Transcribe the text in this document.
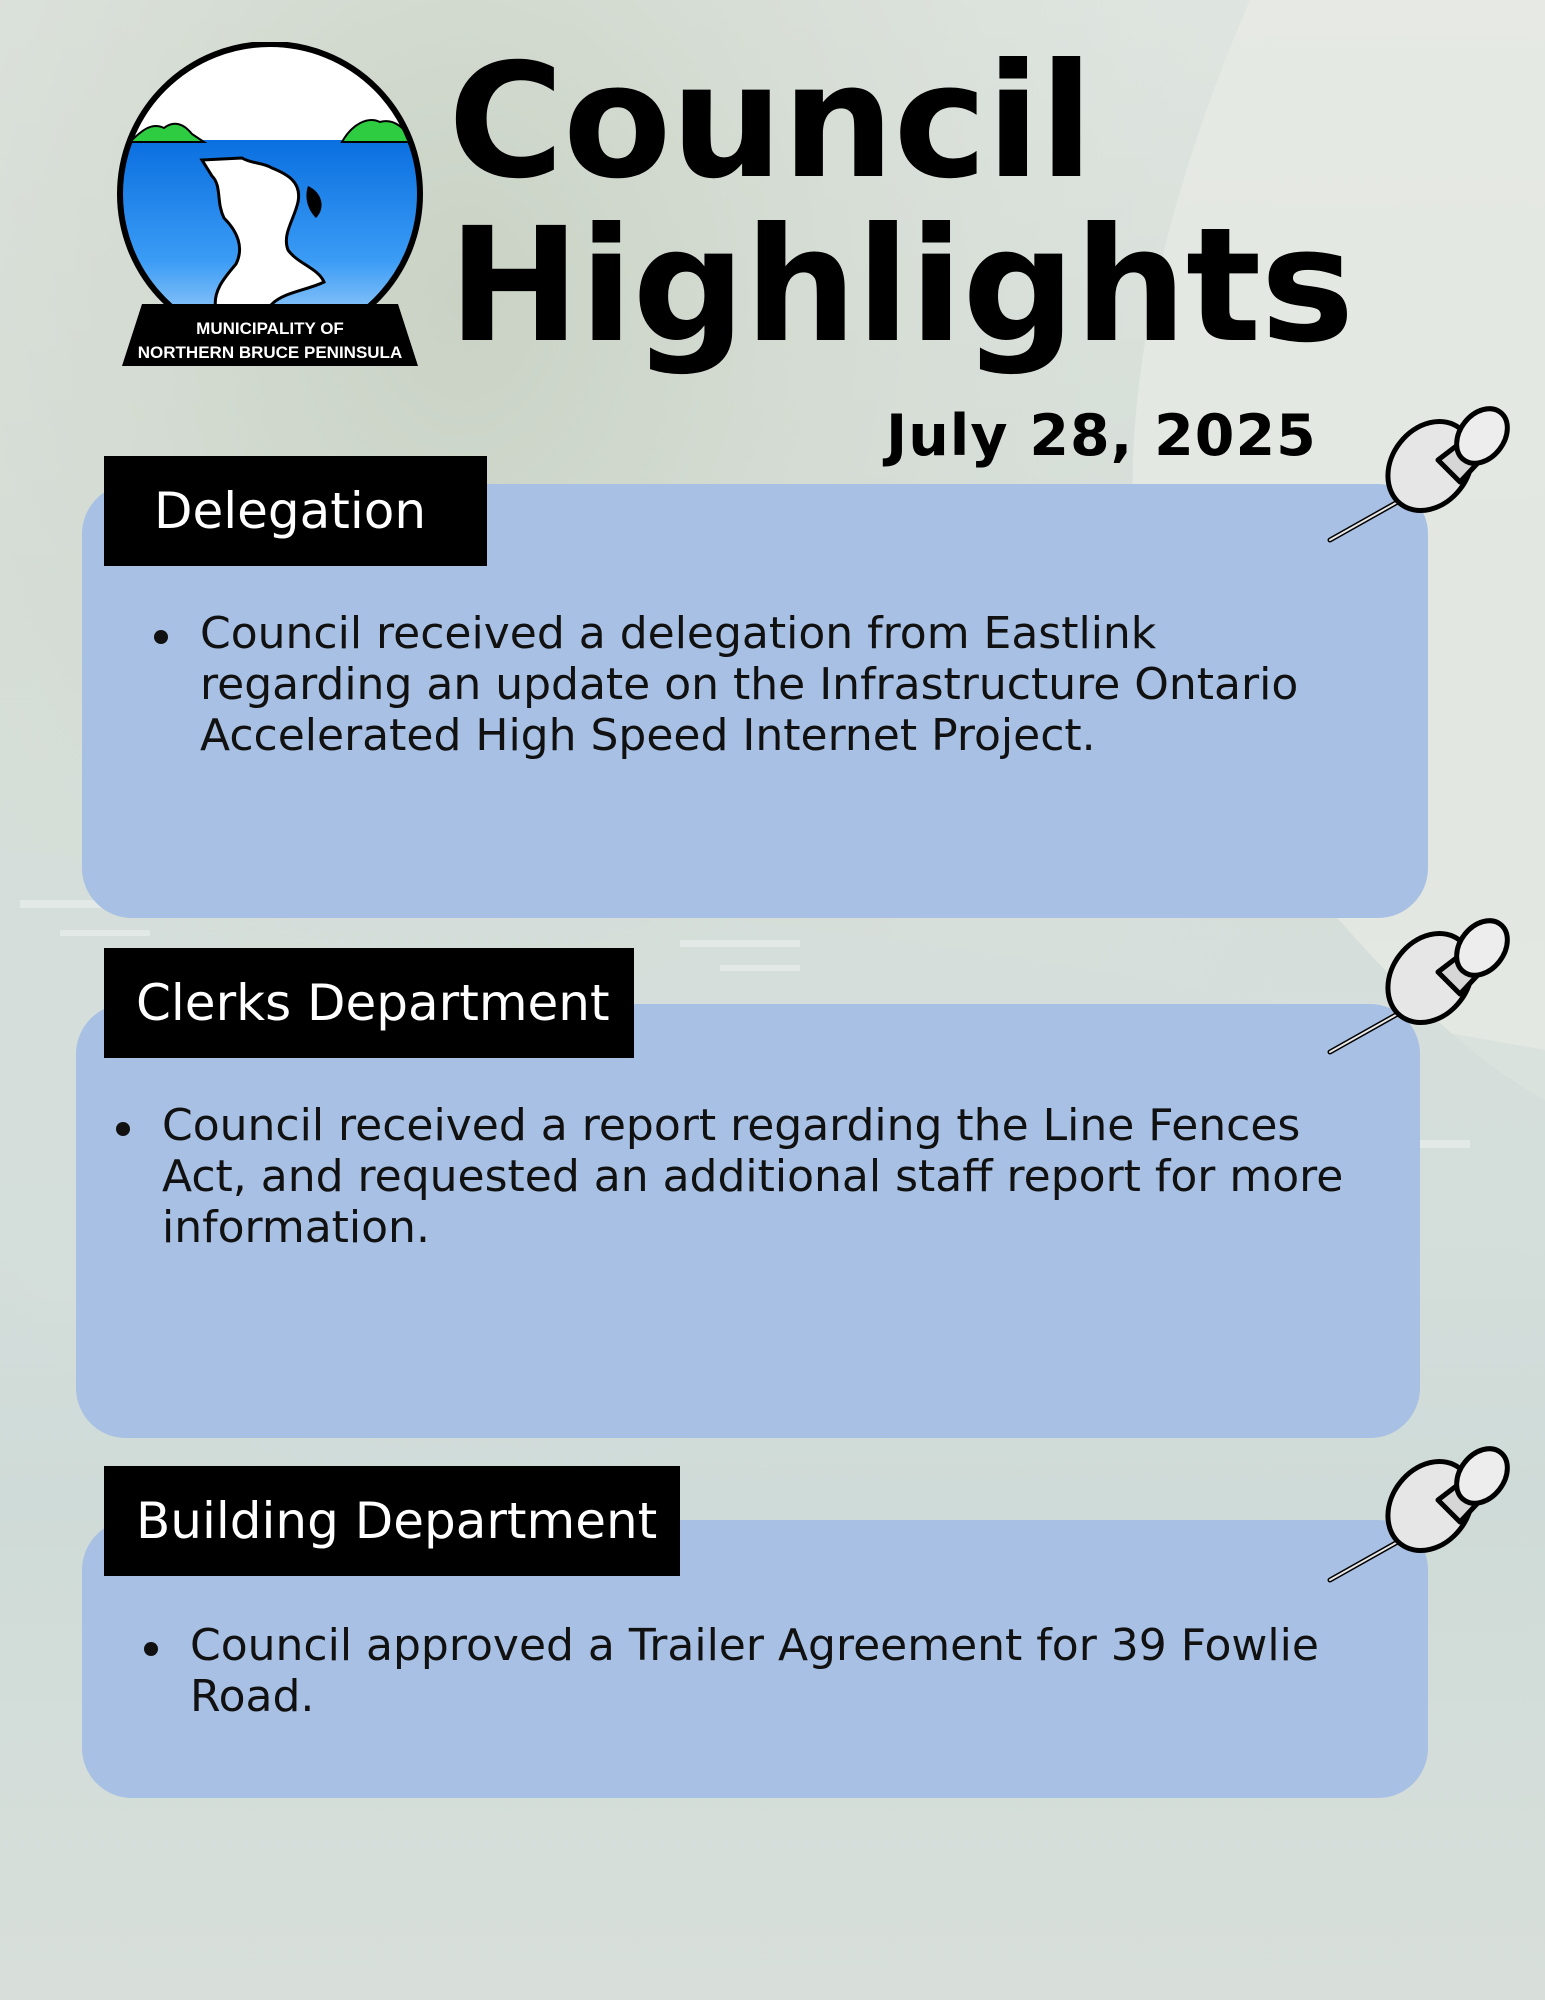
MUNICIPALITY OF
NORTHERN BRUCE PENINSULA
Council
Highlights
July 28, 2025
Council received a delegation from Eastlink regarding an update on the Infrastructure Ontario Accelerated High Speed Internet Project.
Delegation
Council received a report regarding the Line Fences Act, and requested an additional staff report for more information.
Clerks Department
Council approved a Trailer Agreement for 39 Fowlie Road.
Building Department
